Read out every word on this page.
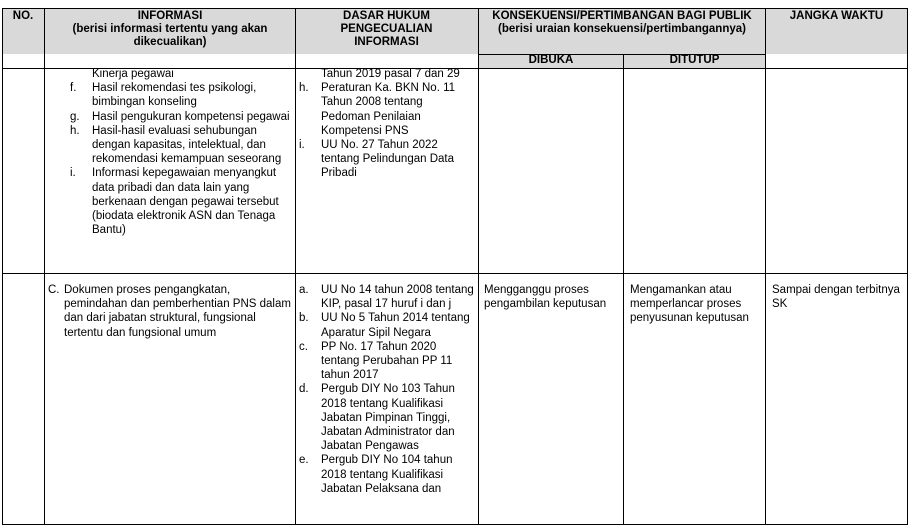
NO.	INFORMASI
(berisi informasi tertentu yang akan dikecualikan)
DASAR HUKUM PENGECUALIAN INFORMASI
KONSEKUENSI/PERTIMBANGAN BAGI PUBLIK
(berisi uraian konsekuensi/pertimbangannya)
DIBUKA	DITUTUP
JANGKA WAKTU
Kinerja pegawai
f. Hasil rekomendasi tes psikologi, bimbingan konseling
g. Hasil pengukuran kompetensi pegawai
h. Hasil-hasil evaluasi sehubungan dengan kapasitas, intelektual, dan rekomendasi kemampuan seseorang
i. Informasi kepegawaian menyangkut data pribadi dan data lain yang berkenaan dengan pegawai tersebut (biodata elektronik ASN dan Tenaga Bantu)
Tahun 2019 pasal 7 dan 29
h. Peraturan Ka. BKN No. 11 Tahun 2008 tentang Pedoman Penilaian Kompetensi PNS
i. UU No. 27 Tahun 2022 tentang Pelindungan Data Pribadi
C. Dokumen proses pengangkatan, pemindahan dan pemberhentian PNS dalam dan dari jabatan struktural, fungsional tertentu dan fungsional umum
a. UU No 14 tahun 2008 tentang KIP, pasal 17 huruf i dan j
b. UU No 5 Tahun 2014 tentang Aparatur Sipil Negara
c. PP No. 17 Tahun 2020 tentang Perubahan PP 11 tahun 2017
d. Pergub DIY No 103 Tahun 2018 tentang Kualifikasi Jabatan Pimpinan Tinggi, Jabatan Administrator dan Jabatan Pengawas
e. Pergub DIY No 104 tahun 2018 tentang Kualifikasi Jabatan Pelaksana dan
Mengganggu proses pengambilan keputusan
Mengamankan atau memperlancar proses penyusunan keputusan
Sampai dengan terbitnya SK
